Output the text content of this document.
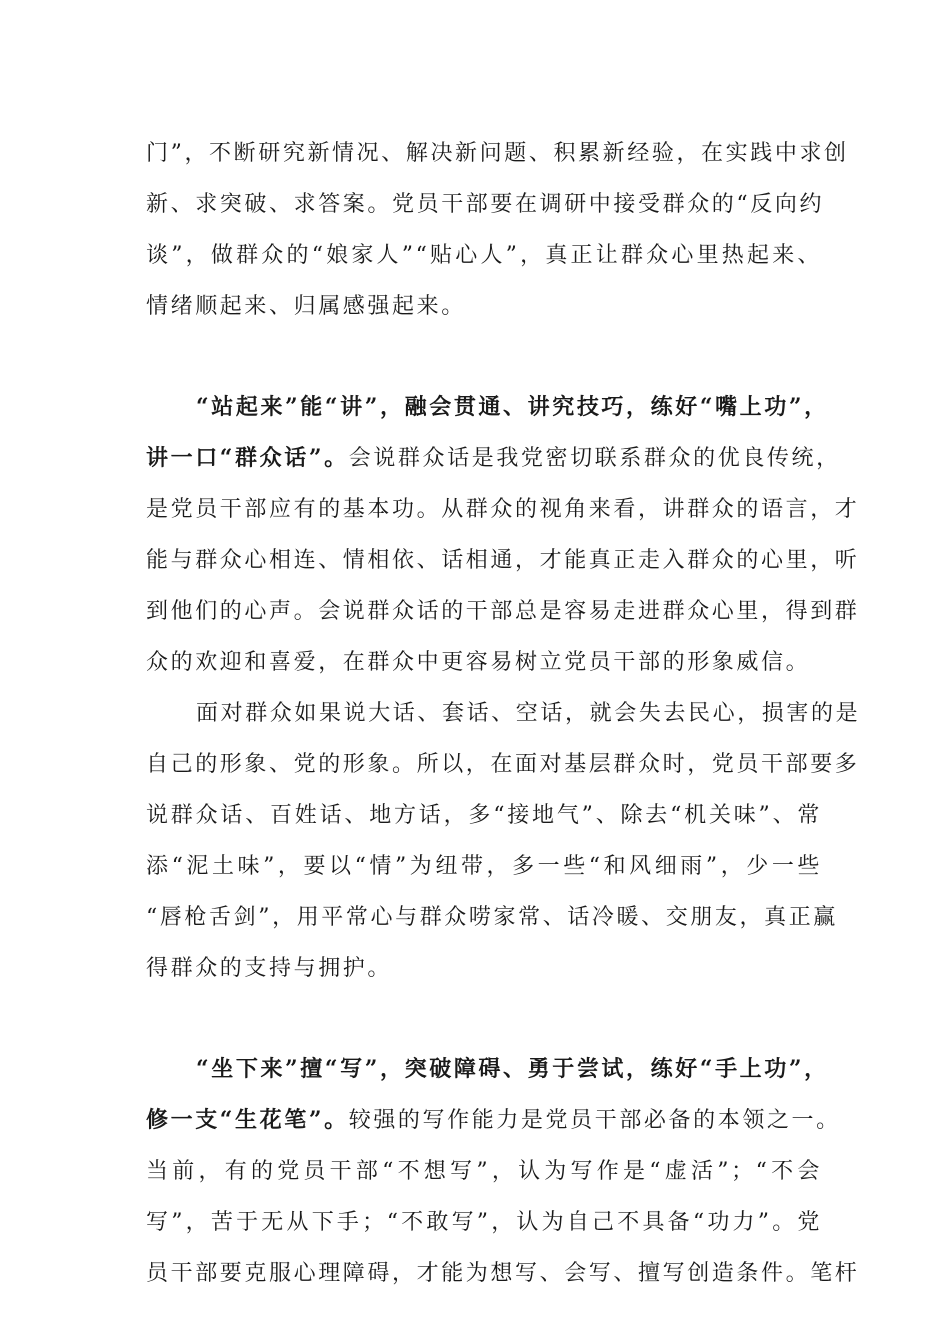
门”，不断研究新情况、解决新问题、积累新经验，在实践中求创
新、求突破、求答案。党员干部要在调研中接受群众的“反向约
谈”，做群众的“娘家人”“贴心人”，真正让群众心里热起来、
情绪顺起来、归属感强起来。
“站起来”能“讲”，融会贯通、讲究技巧，练好“嘴上功”，
讲一口“群众话”。会说群众话是我党密切联系群众的优良传统，
是党员干部应有的基本功。从群众的视角来看，讲群众的语言，才
能与群众心相连、情相依、话相通，才能真正走入群众的心里，听
到他们的心声。会说群众话的干部总是容易走进群众心里，得到群
众的欢迎和喜爱，在群众中更容易树立党员干部的形象威信。
面对群众如果说大话、套话、空话，就会失去民心，损害的是
自己的形象、党的形象。所以，在面对基层群众时，党员干部要多
说群众话、百姓话、地方话，多“接地气”、除去“机关味”、常
添“泥土味”，要以“情”为纽带，多一些“和风细雨”，少一些
“唇枪舌剑”，用平常心与群众唠家常、话冷暖、交朋友，真正赢
得群众的支持与拥护。
“坐下来”擅“写”，突破障碍、勇于尝试，练好“手上功”，
修一支“生花笔”。较强的写作能力是党员干部必备的本领之一。
当前，有的党员干部“不想写”，认为写作是“虚活”；“不会
写”，苦于无从下手；“不敢写”，认为自己不具备“功力”。党
员干部要克服心理障碍，才能为想写、会写、擅写创造条件。笔杆
